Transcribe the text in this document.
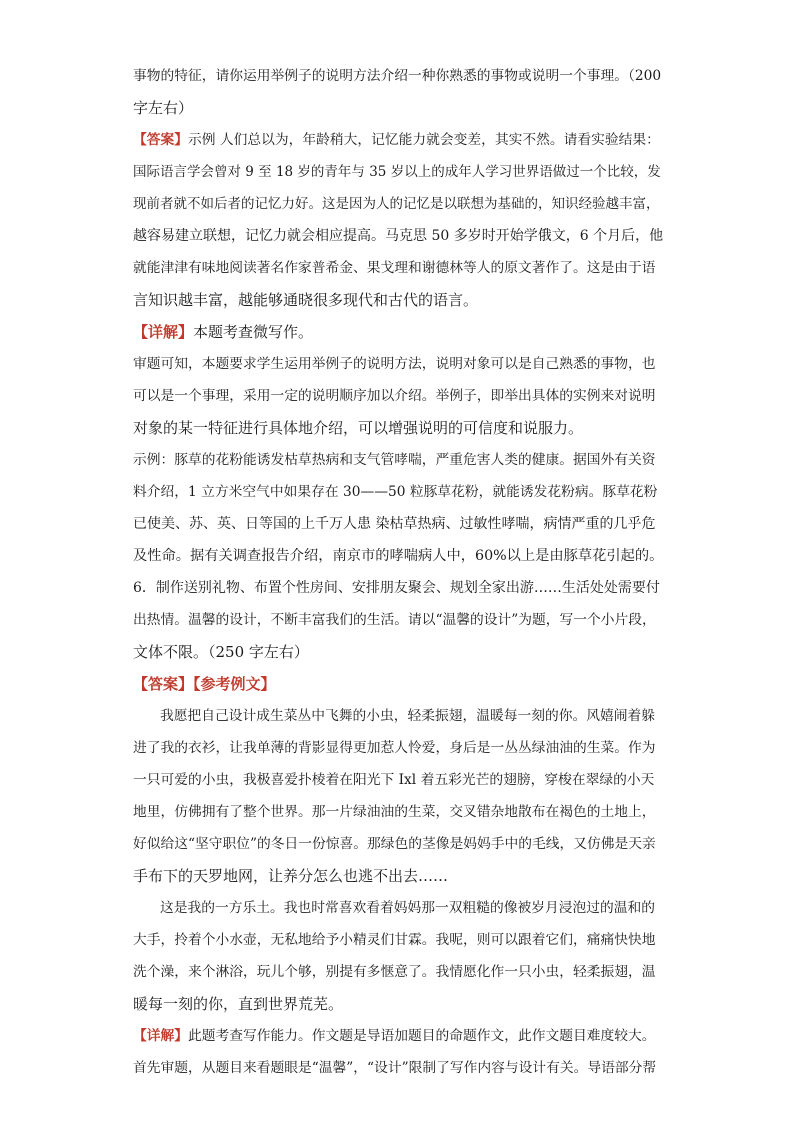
事物的特征，请你运用举例子的说明方法介绍一种你熟悉的事物或说明一个事理。（200
字左右）
【答案】示例 人们总以为，年龄稍大，记忆能力就会变差，其实不然。请看实验结果：
国际语言学会曾对 9 至 18 岁的青年与 35 岁以上的成年人学习世界语做过一个比较，发
现前者就不如后者的记忆力好。这是因为人的记忆是以联想为基础的，知识经验越丰富，
越容易建立联想，记忆力就会相应提高。马克思 50 多岁时开始学俄文，6 个月后，他
就能津津有味地阅读著名作家普希金、果戈理和谢德林等人的原文著作了。这是由于语
言知识越丰富，越能够通晓很多现代和古代的语言。
【详解】本题考查微写作。
审题可知，本题要求学生运用举例子的说明方法，说明对象可以是自己熟悉的事物，也
可以是一个事理，采用一定的说明顺序加以介绍。举例子，即举出具体的实例来对说明
对象的某一特征进行具体地介绍，可以增强说明的可信度和说服力。
示例：豚草的花粉能诱发枯草热病和支气管哮喘，严重危害人类的健康。据国外有关资
料介绍，1 立方米空气中如果存在 30——50 粒豚草花粉，就能诱发花粉病。豚草花粉
已使美、苏、英、日等国的上千万人患 染枯草热病、过敏性哮喘，病情严重的几乎危
及性命。据有关调查报告介绍，南京市的哮喘病人中，60%以上是由豚草花引起的。
6．制作送别礼物、布置个性房间、安排朋友聚会、规划全家出游……生活处处需要付
出热情。温馨的设计，不断丰富我们的生活。请以“温馨的设计”为题，写一个小片段，
文体不限。（250 字左右）
【答案】【参考例文】
我愿把自己设计成生菜丛中飞舞的小虫，轻柔振翅，温暖每一刻的你。风嬉闹着躲
进了我的衣衫，让我单薄的背影显得更加惹人怜爱，身后是一丛丛绿油油的生菜。作为
一只可爱的小虫，我极喜爱扑棱着在阳光下 Ixl 着五彩光芒的翅膀，穿梭在翠绿的小天
地里，仿佛拥有了整个世界。那一片绿油油的生菜，交叉错杂地散布在褐色的土地上，
好似给这“坚守职位”的冬日一份惊喜。那绿色的茎像是妈妈手中的毛线，又仿佛是天亲
手布下的天罗地网，让养分怎么也逃不出去……
这是我的一方乐土。我也时常喜欢看着妈妈那一双粗糙的像被岁月浸泡过的温和的
大手，拎着个小水壶，无私地给予小精灵们甘霖。我呢，则可以跟着它们，痛痛快快地
洗个澡，来个淋浴，玩儿个够，别提有多惬意了。我情愿化作一只小虫，轻柔振翅，温
暖每一刻的你，直到世界荒芜。
【详解】此题考查写作能力。作文题是导语加题目的命题作文，此作文题目难度较大。
首先审题，从题目来看题眼是“温馨”，“设计”限制了写作内容与设计有关。导语部分帮
